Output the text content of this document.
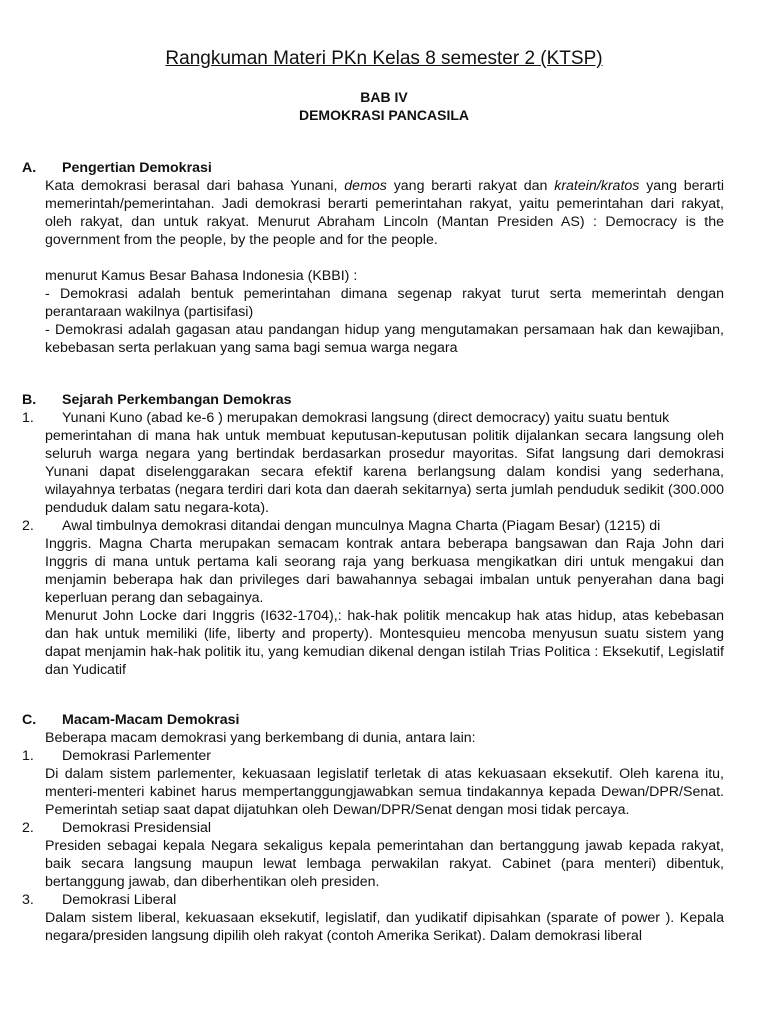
Rangkuman Materi PKn Kelas 8 semester 2 (KTSP)
BAB IV
DEMOKRASI PANCASILA
A.	Pengertian Demokrasi

Kata demokrasi berasal dari bahasa Yunani, demos yang berarti rakyat dan kratein/kratos yang berarti memerintah/pemerintahan. Jadi demokrasi berarti pemerintahan rakyat, yaitu pemerintahan dari rakyat, oleh rakyat, dan untuk rakyat. Menurut Abraham Lincoln (Mantan Presiden AS) : Democracy is the government from the people, by the people and for the people.

menurut Kamus Besar Bahasa Indonesia (KBBI) :

- Demokrasi adalah bentuk pemerintahan dimana segenap rakyat turut serta memerintah dengan perantaraan wakilnya (partisifasi)

- Demokrasi adalah gagasan atau pandangan hidup yang mengutamakan persamaan hak dan kewajiban, kebebasan serta perlakuan yang sama bagi semua warga negara

B.	Sejarah Perkembangan Demokras
1.	Yunani Kuno (abad ke-6 ) merupakan demokrasi langsung (direct democracy) yaitu suatu bentuk

pemerintahan di mana hak untuk membuat keputusan-keputusan politik dijalankan secara langsung oleh seluruh warga negara yang bertindak berdasarkan prosedur mayoritas. Sifat langsung dari demokrasi Yunani dapat diselenggarakan secara efektif karena berlangsung dalam kondisi yang sederhana, wilayahnya terbatas (negara terdiri dari kota dan daerah sekitarnya) serta jumlah penduduk sedikit (300.000 penduduk dalam satu negara-kota).

2.	Awal timbulnya demokrasi ditandai dengan munculnya Magna Charta (Piagam Besar) (1215) di

Inggris. Magna Charta merupakan semacam kontrak antara beberapa bangsawan dan Raja John dari Inggris di mana untuk pertama kali seorang raja yang berkuasa mengikatkan diri untuk mengakui dan menjamin beberapa hak dan privileges dari bawahannya sebagai imbalan untuk penyerahan dana bagi keperluan perang dan sebagainya.

Menurut John Locke dari Inggris (I632-1704),: hak-hak politik mencakup hak atas hidup, atas kebebasan dan hak untuk memiliki (life, liberty and property). Montesquieu mencoba menyusun suatu sistem yang dapat menjamin hak-hak politik itu, yang kemudian dikenal dengan istilah Trias Politica : Eksekutif, Legislatif dan Yudicatif

C.	Macam-Macam Demokrasi

Beberapa macam demokrasi yang berkembang di dunia, antara lain:

1.	Demokrasi Parlementer

Di dalam sistem parlementer, kekuasaan legislatif terletak di atas kekuasaan eksekutif. Oleh karena itu, menteri-menteri kabinet harus mempertanggungjawabkan semua tindakannya kepada Dewan/DPR/Senat. Pemerintah setiap saat dapat dijatuhkan oleh Dewan/DPR/Senat dengan mosi tidak percaya.

2.	Demokrasi Presidensial

Presiden sebagai kepala Negara sekaligus kepala pemerintahan dan bertanggung jawab kepada rakyat, baik secara langsung maupun lewat lembaga perwakilan rakyat. Cabinet (para menteri) dibentuk, bertanggung jawab, dan diberhentikan oleh presiden.

3.	Demokrasi Liberal

Dalam sistem liberal, kekuasaan eksekutif, legislatif, dan yudikatif dipisahkan (sparate of power ). Kepala negara/presiden langsung dipilih oleh rakyat (contoh Amerika Serikat). Dalam demokrasi liberal
